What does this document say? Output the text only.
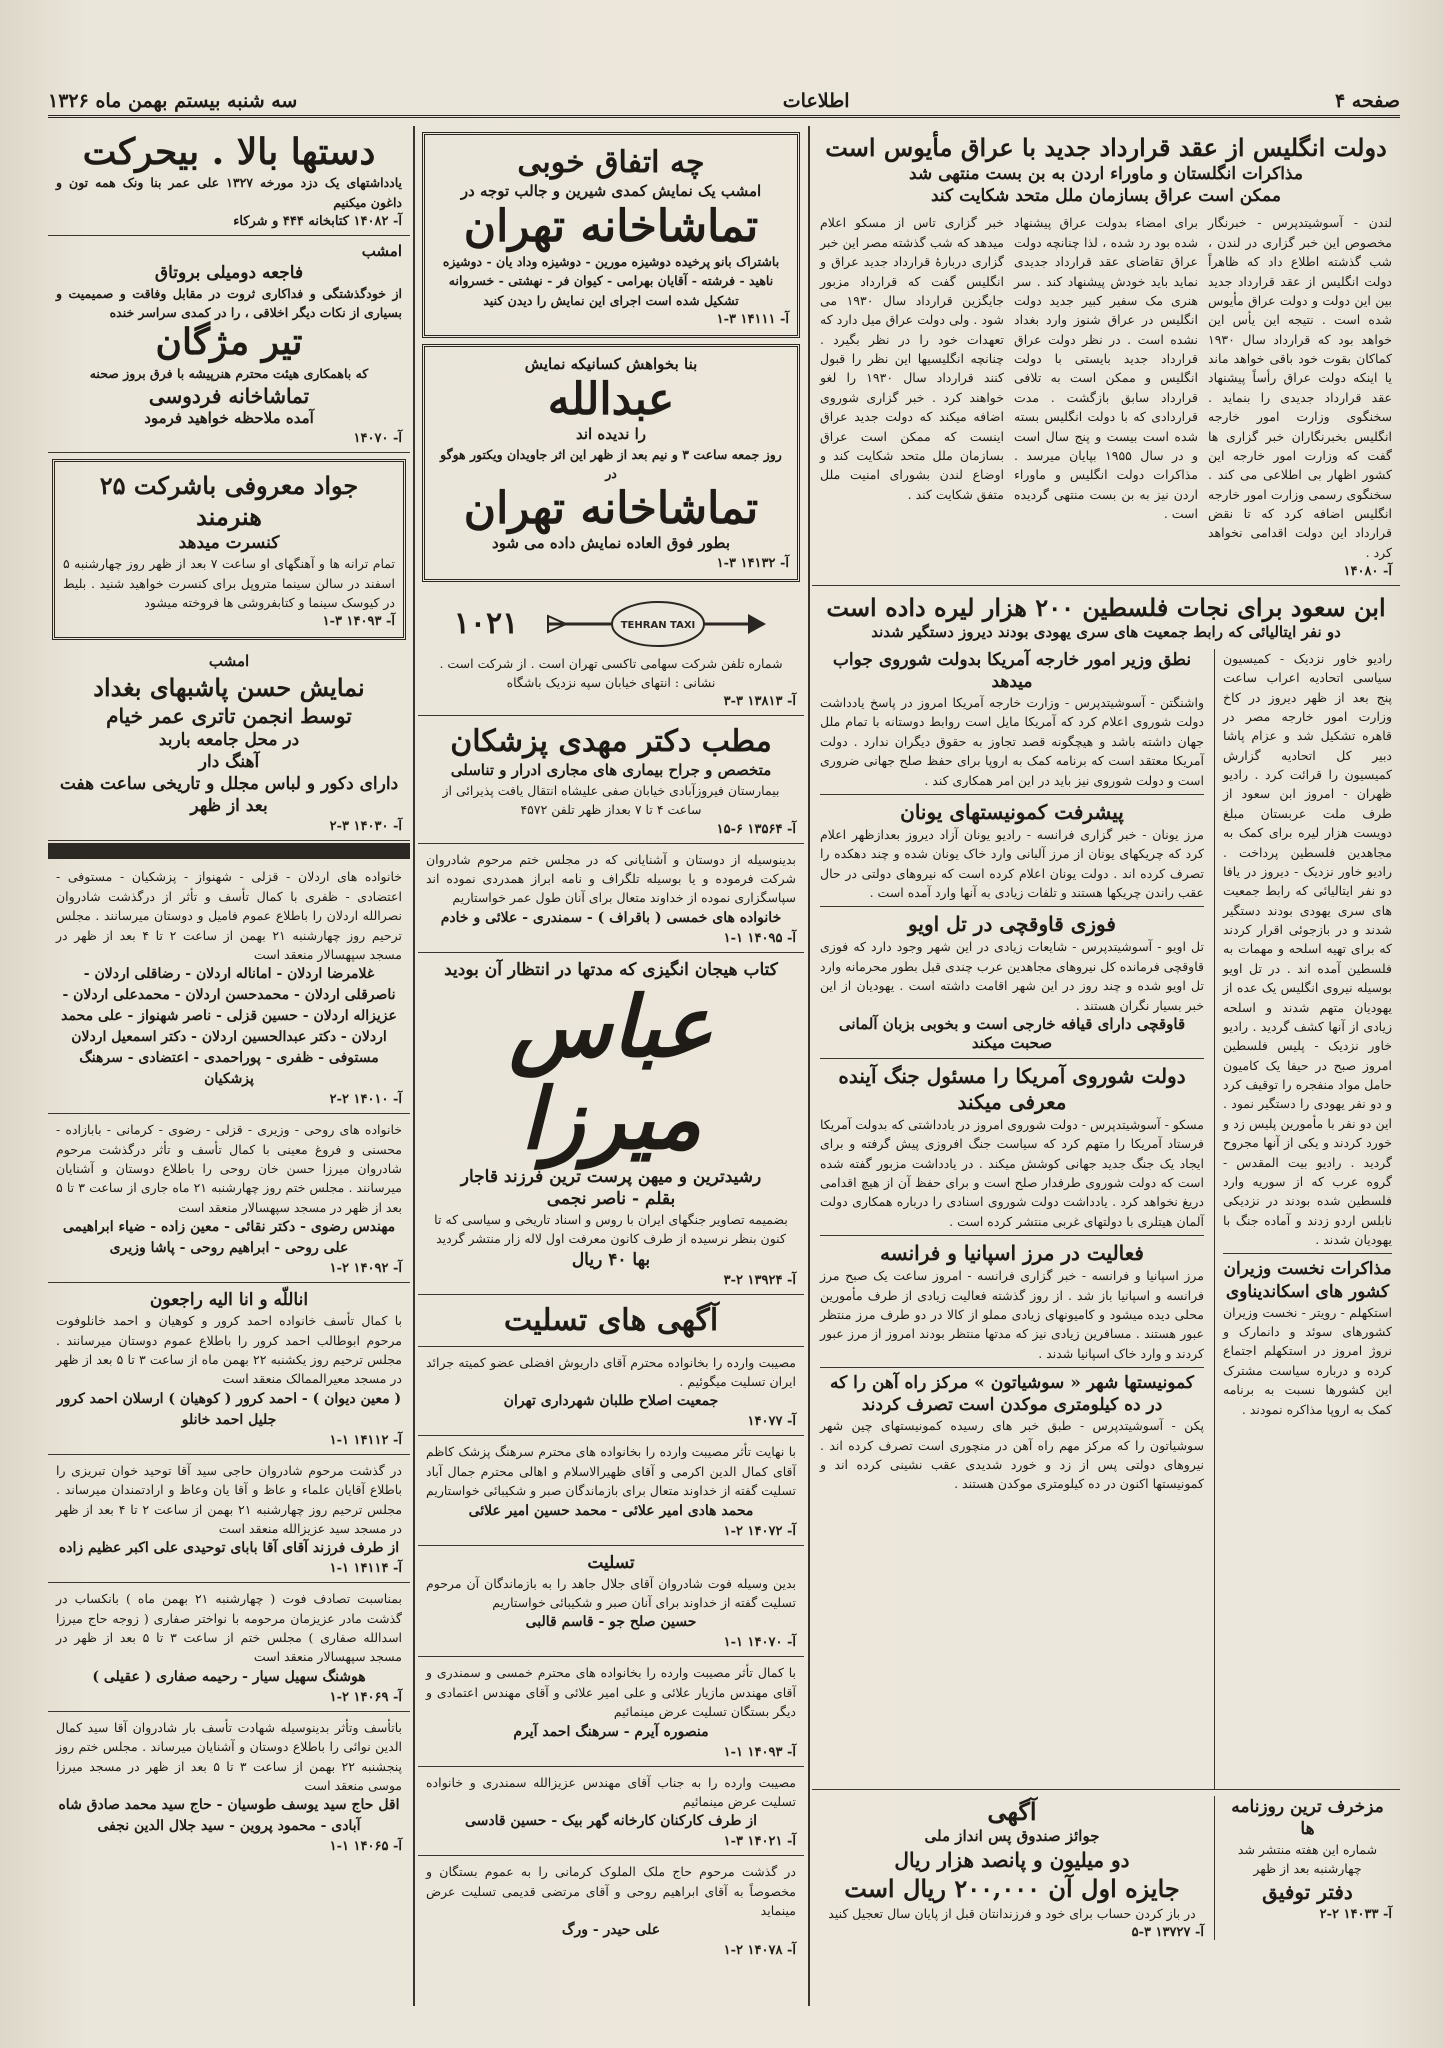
صفحه ۴
اطلاعات
سه شنبه بیستم بهمن ماه ۱۳۲۶
دولت انگلیس از عقد قرارداد جدید با عراق مأیوس است
مذاکرات انگلستان و ماوراء اردن به بن بست منتهی شد
ممکن است عراق بسازمان ملل متحد شکایت کند
لندن - آسوشیتدپرس - خبرنگار مخصوص این خبر گزاری در لندن ، شب گذشته اطلاع داد که ظاهراً دولت انگلیس از عقد قرارداد جدید بین این دولت و دولت عراق مأیوس شده است . نتیجه این یأس این خواهد بود که قرارداد سال ۱۹۳۰ کماکان بقوت خود باقی خواهد ماند یا اینکه دولت عراق رأساً پیشنهاد عقد قرارداد جدیدی را بنماید . سخنگوی وزارت امور خارجه انگلیس بخبرنگاران خبر گزاری ها گفت که وزارت امور خارجه این کشور اظهار بی اطلاعی می کند . سخنگوی رسمی وزارت امور خارجه انگلیس اضافه کرد که تا نقض قرارداد این دولت اقدامی نخواهد کرد .
برای امضاء بدولت عراق پیشنهاد شده بود رد شده ، لذا چنانچه دولت عراق تقاضای عقد قرارداد جدیدی نماید باید خودش پیشنهاد کند . سر هنری مک سفیر کبیر جدید دولت انگلیس در عراق شنوز وارد بغداد نشده است . در نظر دولت عراق قرارداد جدید بایستی با دولت انگلیس و ممکن است به تلافی قرارداد سابق بازگشت . مدت قراردادی که با دولت انگلیس بسته شده است بیست و پنج سال است و در سال ۱۹۵۵ بپایان میرسد . مذاکرات دولت انگلیس و ماوراء اردن نیز به بن بست منتهی گردیده است .
خبر گزاری تاس از مسکو اعلام میدهد که شب گذشته مصر این خبر گزاری دربارهٔ قرارداد جدید عراق و انگلیس گفت که قرارداد مزبور جایگزین قرارداد سال ۱۹۳۰ می شود . ولی دولت عراق میل دارد که تعهدات خود را در نظر بگیرد . چنانچه انگلیسیها این نظر را قبول کنند قرارداد سال ۱۹۳۰ را لغو خواهند کرد . خبر گزاری شوروی اضافه میکند که دولت جدید عراق اینست که ممکن است عراق بسازمان ملل متحد شکایت کند و اوضاع لندن بشورای امنیت ملل متفق شکایت کند .
آ- ۱۴۰۸۰
ابن سعود برای نجات فلسطین ۲۰۰ هزار لیره داده است
دو نفر ایتالیائی که رابط جمعیت های سری یهودی بودند دیروز دستگیر شدند
رادیو خاور نزدیک - کمیسیون سیاسی اتحادیه اعراب ساعت پنج بعد از ظهر دیروز در کاخ وزارت امور خارجه مصر در قاهره تشکیل شد و عزام پاشا دبیر کل اتحادیه گزارش کمیسیون را قرائت کرد . رادیو ظهران - امروز ابن سعود از طرف ملت عربستان مبلغ دویست هزار لیره برای کمک به مجاهدین فلسطین پرداخت . رادیو خاور نزدیک - دیروز در یافا دو نفر ایتالیائی که رابط جمعیت های سری یهودی بودند دستگیر شدند و در بازجوئی اقرار کردند که برای تهیه اسلحه و مهمات به فلسطین آمده اند . در تل اویو بوسیله نیروی انگلیس یک عده از یهودیان متهم شدند و اسلحه زیادی از آنها کشف گردید . رادیو خاور نزدیک - پلیس فلسطین امروز صبح در حیفا یک کامیون حامل مواد منفجره را توقیف کرد و دو نفر یهودی را دستگیر نمود . این دو نفر با مأمورین پلیس زد و خورد کردند و یکی از آنها مجروح گردید . رادیو بیت المقدس - گروه عرب که از سوریه وارد فلسطین شده بودند در نزدیکی نابلس اردو زدند و آماده جنگ با یهودیان شدند .
مذاکرات نخست وزیران کشور های اسکاندیناوی
استکهلم - رویتر - نخست وزیران کشورهای سوئد و دانمارک و نروژ امروز در استکهلم اجتماع کرده و درباره سیاست مشترک این کشورها نسبت به برنامه کمک به اروپا مذاکره نمودند .
نطق وزیر امور خارجه آمریکا بدولت شوروی جواب میدهد
واشنگتن - آسوشیتدپرس - وزارت خارجه آمریکا امروز در پاسخ یادداشت دولت شوروی اعلام کرد که آمریکا مایل است روابط دوستانه با تمام ملل جهان داشته باشد و هیچگونه قصد تجاوز به حقوق دیگران ندارد . دولت آمریکا معتقد است که برنامه کمک به اروپا برای حفظ صلح جهانی ضروری است و دولت شوروی نیز باید در این امر همکاری کند .
پیشرفت کمونیستهای یونان
مرز یونان - خبر گزاری فرانسه - رادیو یونان آزاد دیروز بعدازظهر اعلام کرد که چریکهای یونان از مرز آلبانی وارد خاک یونان شده و چند دهکده را تصرف کرده اند . دولت یونان اعلام کرده است که نیروهای دولتی در حال عقب راندن چریکها هستند و تلفات زیادی به آنها وارد آمده است .
فوزی قاوقچی در تل اویو
تل اویو - آسوشیتدپرس - شایعات زیادی در این شهر وجود دارد که فوزی قاوقچی فرمانده کل نیروهای مجاهدین عرب چندی قبل بطور محرمانه وارد تل اویو شده و چند روز در این شهر اقامت داشته است . یهودیان از این خبر بسیار نگران هستند .
قاوقچی دارای قیافه خارجی است و بخوبی بزبان آلمانی صحبت میکند
دولت شوروی آمریکا را مسئول جنگ آینده معرفی میکند
مسکو - آسوشیتدپرس - دولت شوروی امروز در یادداشتی که بدولت آمریکا فرستاد آمریکا را متهم کرد که سیاست جنگ افروزی پیش گرفته و برای ایجاد یک جنگ جدید جهانی کوشش میکند . در یادداشت مزبور گفته شده است که دولت شوروی طرفدار صلح است و برای حفظ آن از هیچ اقدامی دریغ نخواهد کرد . یادداشت دولت شوروی اسنادی را درباره همکاری دولت آلمان هیتلری با دولتهای غربی منتشر کرده است .
فعالیت در مرز اسپانیا و فرانسه
مرز اسپانیا و فرانسه - خبر گزاری فرانسه - امروز ساعت یک صبح مرز فرانسه و اسپانیا باز شد . از روز گذشته فعالیت زیادی از طرف مأمورین محلی دیده میشود و کامیونهای زیادی مملو از کالا در دو طرف مرز منتظر عبور هستند . مسافرین زیادی نیز که مدتها منتظر بودند امروز از مرز عبور کردند و وارد خاک اسپانیا شدند .
کمونیستها شهر « سوشیاتون » مرکز راه آهن را که در ده کیلومتری موکدن است تصرف کردند
پکن - آسوشیتدپرس - طبق خبر های رسیده کمونیستهای چین شهر سوشیاتون را که مرکز مهم راه آهن در منچوری است تصرف کرده اند . نیروهای دولتی پس از زد و خورد شدیدی عقب نشینی کرده اند و کمونیستها اکنون در ده کیلومتری موکدن هستند .
مزخرف ترین روزنامه ها
شماره این هفته منتشر شد چهارشنبه بعد از ظهر
دفتر توفیق
آ- ۱۴۰۳۳ ۲-۲
آگهی
جوائز صندوق پس انداز ملی
دو میلیون و پانصد هزار ریال
جایزه اول آن ۲۰۰,۰۰۰ ریال است
در باز کردن حساب برای خود و فرزندانتان قبل از پایان سال تعجیل کنید
آ- ۱۳۷۲۷ ۳-۵
چه اتفاق خوبی
امشب یک نمایش کمدی شیرین و جالب توجه در
تماشاخانه تهران
باشتراک بانو پرخیده دوشیزه مورین - دوشیزه وداد یان - دوشیزه ناهید - فرشته - آقایان بهرامی - کیوان فر - نهشتی - خسروانه تشکیل شده است اجرای این نمایش را دیدن کنید
آ- ۱۴۱۱۱ ۳-۱
بنا بخواهش کسانیکه نمایش
عبدالله
را ندیده اند
روز جمعه ساعت ۳ و نیم بعد از ظهر این اثر جاویدان ویکتور هوگو در
تماشاخانه تهران
بطور فوق العاده نمایش داده می شود
آ- ۱۴۱۳۲ ۳-۱
TEHRAN TAXI
۱۰۲۱
شماره تلفن شرکت سهامی تاکسی تهران است . از شرکت است . نشانی : انتهای خیابان سپه نزدیک باشگاه
آ- ۱۳۸۱۳ ۳-۳
مطب دکتر مهدی پزشکان
متخصص و جراح بیماری های مجاری ادرار و تناسلی
بیمارستان فیروزآبادی خیابان صفی علیشاه انتقال یافت پذیرائی از ساعت ۴ تا ۷ بعداز ظهر تلفن ۴۵۷۲
آ- ۱۳۵۶۴ ۶-۱۵
بدینوسیله از دوستان و آشنایانی که در مجلس ختم مرحوم شادروان شرکت فرموده و یا بوسیله تلگراف و نامه ابراز همدردی نموده اند سپاسگزاری نموده از خداوند متعال برای آنان طول عمر خواستاریم
خانواده های خمسی ( باقراف ) - سمندری - علائی و خادم
آ- ۱۴۰۹۵ ۱-۱
کتاب هیجان انگیزی که مدتها در انتظار آن بودید
عباس میرزا
رشیدترین و میهن پرست ترین فرزند قاجار
بقلم - ناصر نجمی
بضمیمه تصاویر جنگهای ایران با روس و اسناد تاریخی و سیاسی که تا کنون بنظر نرسیده از طرف کانون معرفت اول لاله زار منتشر گردید
بها ۴۰ ریال
آ- ۱۳۹۲۴ ۲-۳
آگهی های تسلیت
مصیبت وارده را بخانواده محترم آقای داریوش افضلی عضو کمیته جرائد ایران تسلیت میگوئیم .
جمعیت اصلاح طلبان شهرداری تهران
آ- ۱۴۰۷۷
با نهایت تأثر مصیبت وارده را بخانواده های محترم سرهنگ پزشک کاظم آقای کمال الدین اکرمی و آقای ظهیرالاسلام و اهالی محترم جمال آباد تسلیت گفته از خداوند متعال برای بازماندگان صبر و شکیبائی خواستاریم
محمد هادی امیر علائی - محمد حسین امیر علائی
آ- ۱۴۰۷۲ ۲-۱
تسلیت
بدین وسیله فوت شادروان آقای جلال جاهد را به بازماندگان آن مرحوم تسلیت گفته از خداوند برای آنان صبر و شکیبائی خواستاریم
حسین صلح جو - قاسم قالبی
آ- ۱۴۰۷۰ ۱-۱
با کمال تأثر مصیبت وارده را بخانواده های محترم خمسی و سمندری و آقای مهندس مازیار علائی و علی امیر علائی و آقای مهندس اعتمادی و دیگر بستگان تسلیت عرض مینمائیم
منصوره آیرم - سرهنگ احمد آیرم
آ- ۱۴۰۹۳ ۱-۱
مصیبت وارده را به جناب آقای مهندس عزیزالله سمندری و خانواده تسلیت عرض مینمائیم
از طرف کارکنان کارخانه گهر بیک - حسین قادسی
آ- ۱۴۰۲۱ ۳-۱
در گذشت مرحوم حاج ملک الملوک کرمانی را به عموم بستگان و مخصوصاً به آقای ابراهیم روحی و آقای مرتضی قدیمی تسلیت عرض مینماید
علی حیدر - ورگ
آ- ۱۴۰۷۸ ۲-۱
دستها بالا . بیحرکت
یادداشتهای یک دزد مورخه ۱۳۲۷ علی عمر بنا ونک همه تون و داغون میکنیم
آ- ۱۴۰۸۲ کتابخانه ۴۴۴ و شرکاء
امشب
فاجعه دومیلی بروتاق
از خودگذشتگی و فداکاری ثروت در مقابل وفاقت و صمیمیت و بسیاری از نکات دیگر اخلاقی ، را در کمدی سراسر خنده
تیر مژگان
که باهمکاری هیئت محترم هنرپیشه با فرق بروز صحنه
تماشاخانه فردوسی
آمده ملاحظه خواهید فرمود
آ- ۱۴۰۷۰
جواد معروفی باشرکت ۲۵ هنرمند
کنسرت میدهد
تمام ترانه ها و آهنگهای او ساعت ۷ بعد از ظهر روز چهارشنبه ۵ اسفند در سالن سینما متروپل برای کنسرت خواهید شنید . بلیط در کیوسک سینما و کتابفروشی ها فروخته میشود
آ- ۱۴۰۹۳ ۳-۱
امشب
نمایش حسن پاشبهای بغداد
توسط انجمن تاتری عمر خیام
در محل جامعه باربد
آهنگ دار
دارای دکور و لباس مجلل و تاریخی ساعت هفت بعد از ظهر
آ- ۱۴۰۳۰ ۳-۲
خانواده های اردلان - قزلی - شهنواز - پزشکیان - مستوفی - اعتضادی - ظفری با کمال تأسف و تأثر از درگذشت شادروان نصرالله اردلان را باطلاع عموم فامیل و دوستان میرسانند . مجلس ترحیم روز چهارشنبه ۲۱ بهمن از ساعت ۲ تا ۴ بعد از ظهر در مسجد سپهسالار منعقد است
غلامرضا اردلان - اماناله اردلان - رضاقلی اردلان - ناصرقلی اردلان - محمدحسن اردلان - محمدعلی اردلان - عزیزاله اردلان - حسین قزلی - ناصر شهنواز - علی محمد اردلان - دکتر عبدالحسین اردلان - دکتر اسمعیل اردلان مستوفی - ظفری - پوراحمدی - اعتضادی - سرهنگ پزشکیان
آ- ۱۴۰۱۰ ۲-۲
خانواده های روحی - وزیری - قزلی - رضوی - کرمانی - بابازاده - محسنی و فروغ معینی با کمال تأسف و تأثر درگذشت مرحوم شادروان میرزا حسن خان روحی را باطلاع دوستان و آشنایان میرسانند . مجلس ختم روز چهارشنبه ۲۱ ماه جاری از ساعت ۳ تا ۵ بعد از ظهر در مسجد سپهسالار منعقد است
مهندس رضوی - دکتر نقائی - معین زاده - ضیاء ابراهیمی علی روحی - ابراهیم روحی - پاشا وزیری
آ- ۱۴۰۹۲ ۲-۱
اناللّه و انا الیه راجعون
با کمال تأسف خانواده احمد کرور و کوهیان و احمد خانلوفوت مرحوم ابوطالب احمد کرور را باطلاع عموم دوستان میرسانند . مجلس ترحیم روز یکشنبه ۲۲ بهمن ماه از ساعت ۳ تا ۵ بعد از ظهر در مسجد معیرالممالک منعقد است
( معین دیوان ) - احمد کرور ( کوهیان ) ارسلان احمد کرور جلیل احمد خانلو
آ- ۱۴۱۱۲ ۱-۱
در گذشت مرحوم شادروان حاجی سید آقا توحید خوان تبریزی را باطلاع آقایان علماء و عاظ و آقا یان وعاظ و ارادتمندان میرساند . مجلس ترحیم روز چهارشنبه ۲۱ بهمن از ساعت ۲ تا ۴ بعد از ظهر در مسجد سید عزیزالله منعقد است
از طرف فرزند آقای آقا بابای توحیدی علی اکبر عظیم زاده
آ- ۱۴۱۱۴ ۱-۱
بمناسبت تصادف فوت ( چهارشنبه ۲۱ بهمن ماه ) بانکساب در گذشت مادر عزیزمان مرحومه با نواختر صفاری ( زوجه حاج میرزا اسدالله صفاری ) مجلس ختم از ساعت ۳ تا ۵ بعد از ظهر در مسجد سپهسالار منعقد است
هوشنگ سهیل سیار - رحیمه صفاری ( عقیلی )
آ- ۱۴۰۶۹ ۲-۱
باتأسف وتأثر بدینوسیله شهادت تأسف بار شادروان آقا سید کمال الدین نوائی را باطلاع دوستان و آشنایان میرساند . مجلس ختم روز پنجشنبه ۲۲ بهمن از ساعت ۳ تا ۵ بعد از ظهر در مسجد میرزا موسی منعقد است
اقل حاج سید یوسف طوسیان - حاج سید محمد صادق شاه آبادی - محمود پروین - سید جلال الدین نجفی
آ- ۱۴۰۶۵ ۱-۱
